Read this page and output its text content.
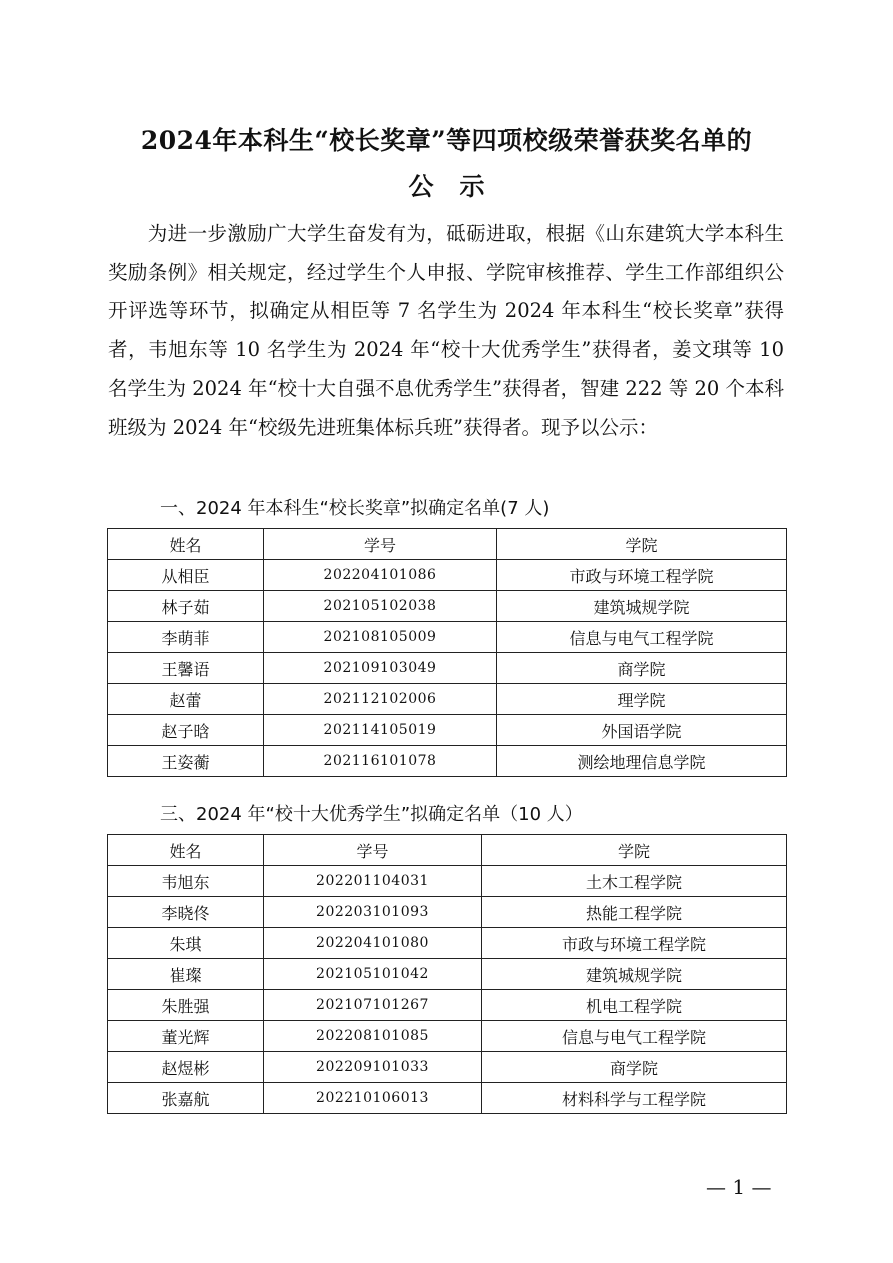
2024年本科生“校长奖章”等四项校级荣誉获奖名单的
公示

　　为进一步激励广大学生奋发有为，砥砺进取，根据《山东建筑大学本科生奖励条例》相关规定，经过学生个人申报、学院审核推荐、学生工作部组织公开评选等环节，拟确定从相臣等 7 名学生为 2024 年本科生“校长奖章”获得者，韦旭东等 10 名学生为 2024 年“校十大优秀学生”获得者，姜文琪等 10 名学生为 2024 年“校十大自强不息优秀学生”获得者，智建 222 等 20 个本科班级为 2024 年“校级先进班集体标兵班”获得者。现予以公示：

一、2024 年本科生“校长奖章”拟确定名单(7 人)

姓名	学号	学院
从相臣	202204101086	市政与环境工程学院
林子茹	202105102038	建筑城规学院
李萌菲	202108105009	信息与电气工程学院
王馨语	202109103049	商学院
赵蕾	202112102006	理学院
赵子晗	202114105019	外国语学院
王姿蘅	202116101078	测绘地理信息学院

三、2024 年“校十大优秀学生”拟确定名单（10 人）

姓名	学号	学院
韦旭东	202201104031	土木工程学院
李晓佟	202203101093	热能工程学院
朱琪	202204101080	市政与环境工程学院
崔璨	202105101042	建筑城规学院
朱胜强	202107101267	机电工程学院
董光辉	202208101085	信息与电气工程学院
赵煜彬	202209101033	商学院
张嘉航	202210106013	材料科学与工程学院

— 1 —
